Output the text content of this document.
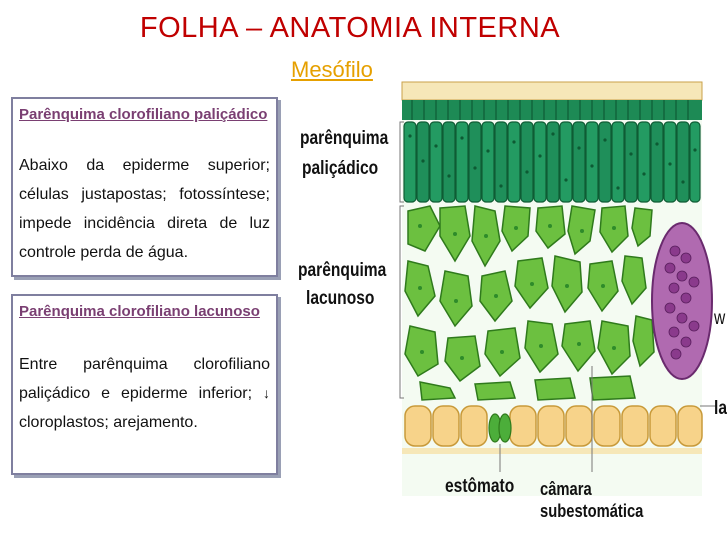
FOLHA – ANATOMIA INTERNA
Mesófilo
Parênquima clorofiliano paliçádico
Abaixo da epiderme superior; células justapostas; fotossíntese; impede incidência direta de luz controle perda de água.
Parênquima clorofiliano lacunoso
Entre parênquima clorofiliano paliçádico e epiderme inferior; ↓ cloroplastos; arejamento.
parênquima
paliçádico
parênquima
lacunoso
estômato câmara subestomática
w
la
